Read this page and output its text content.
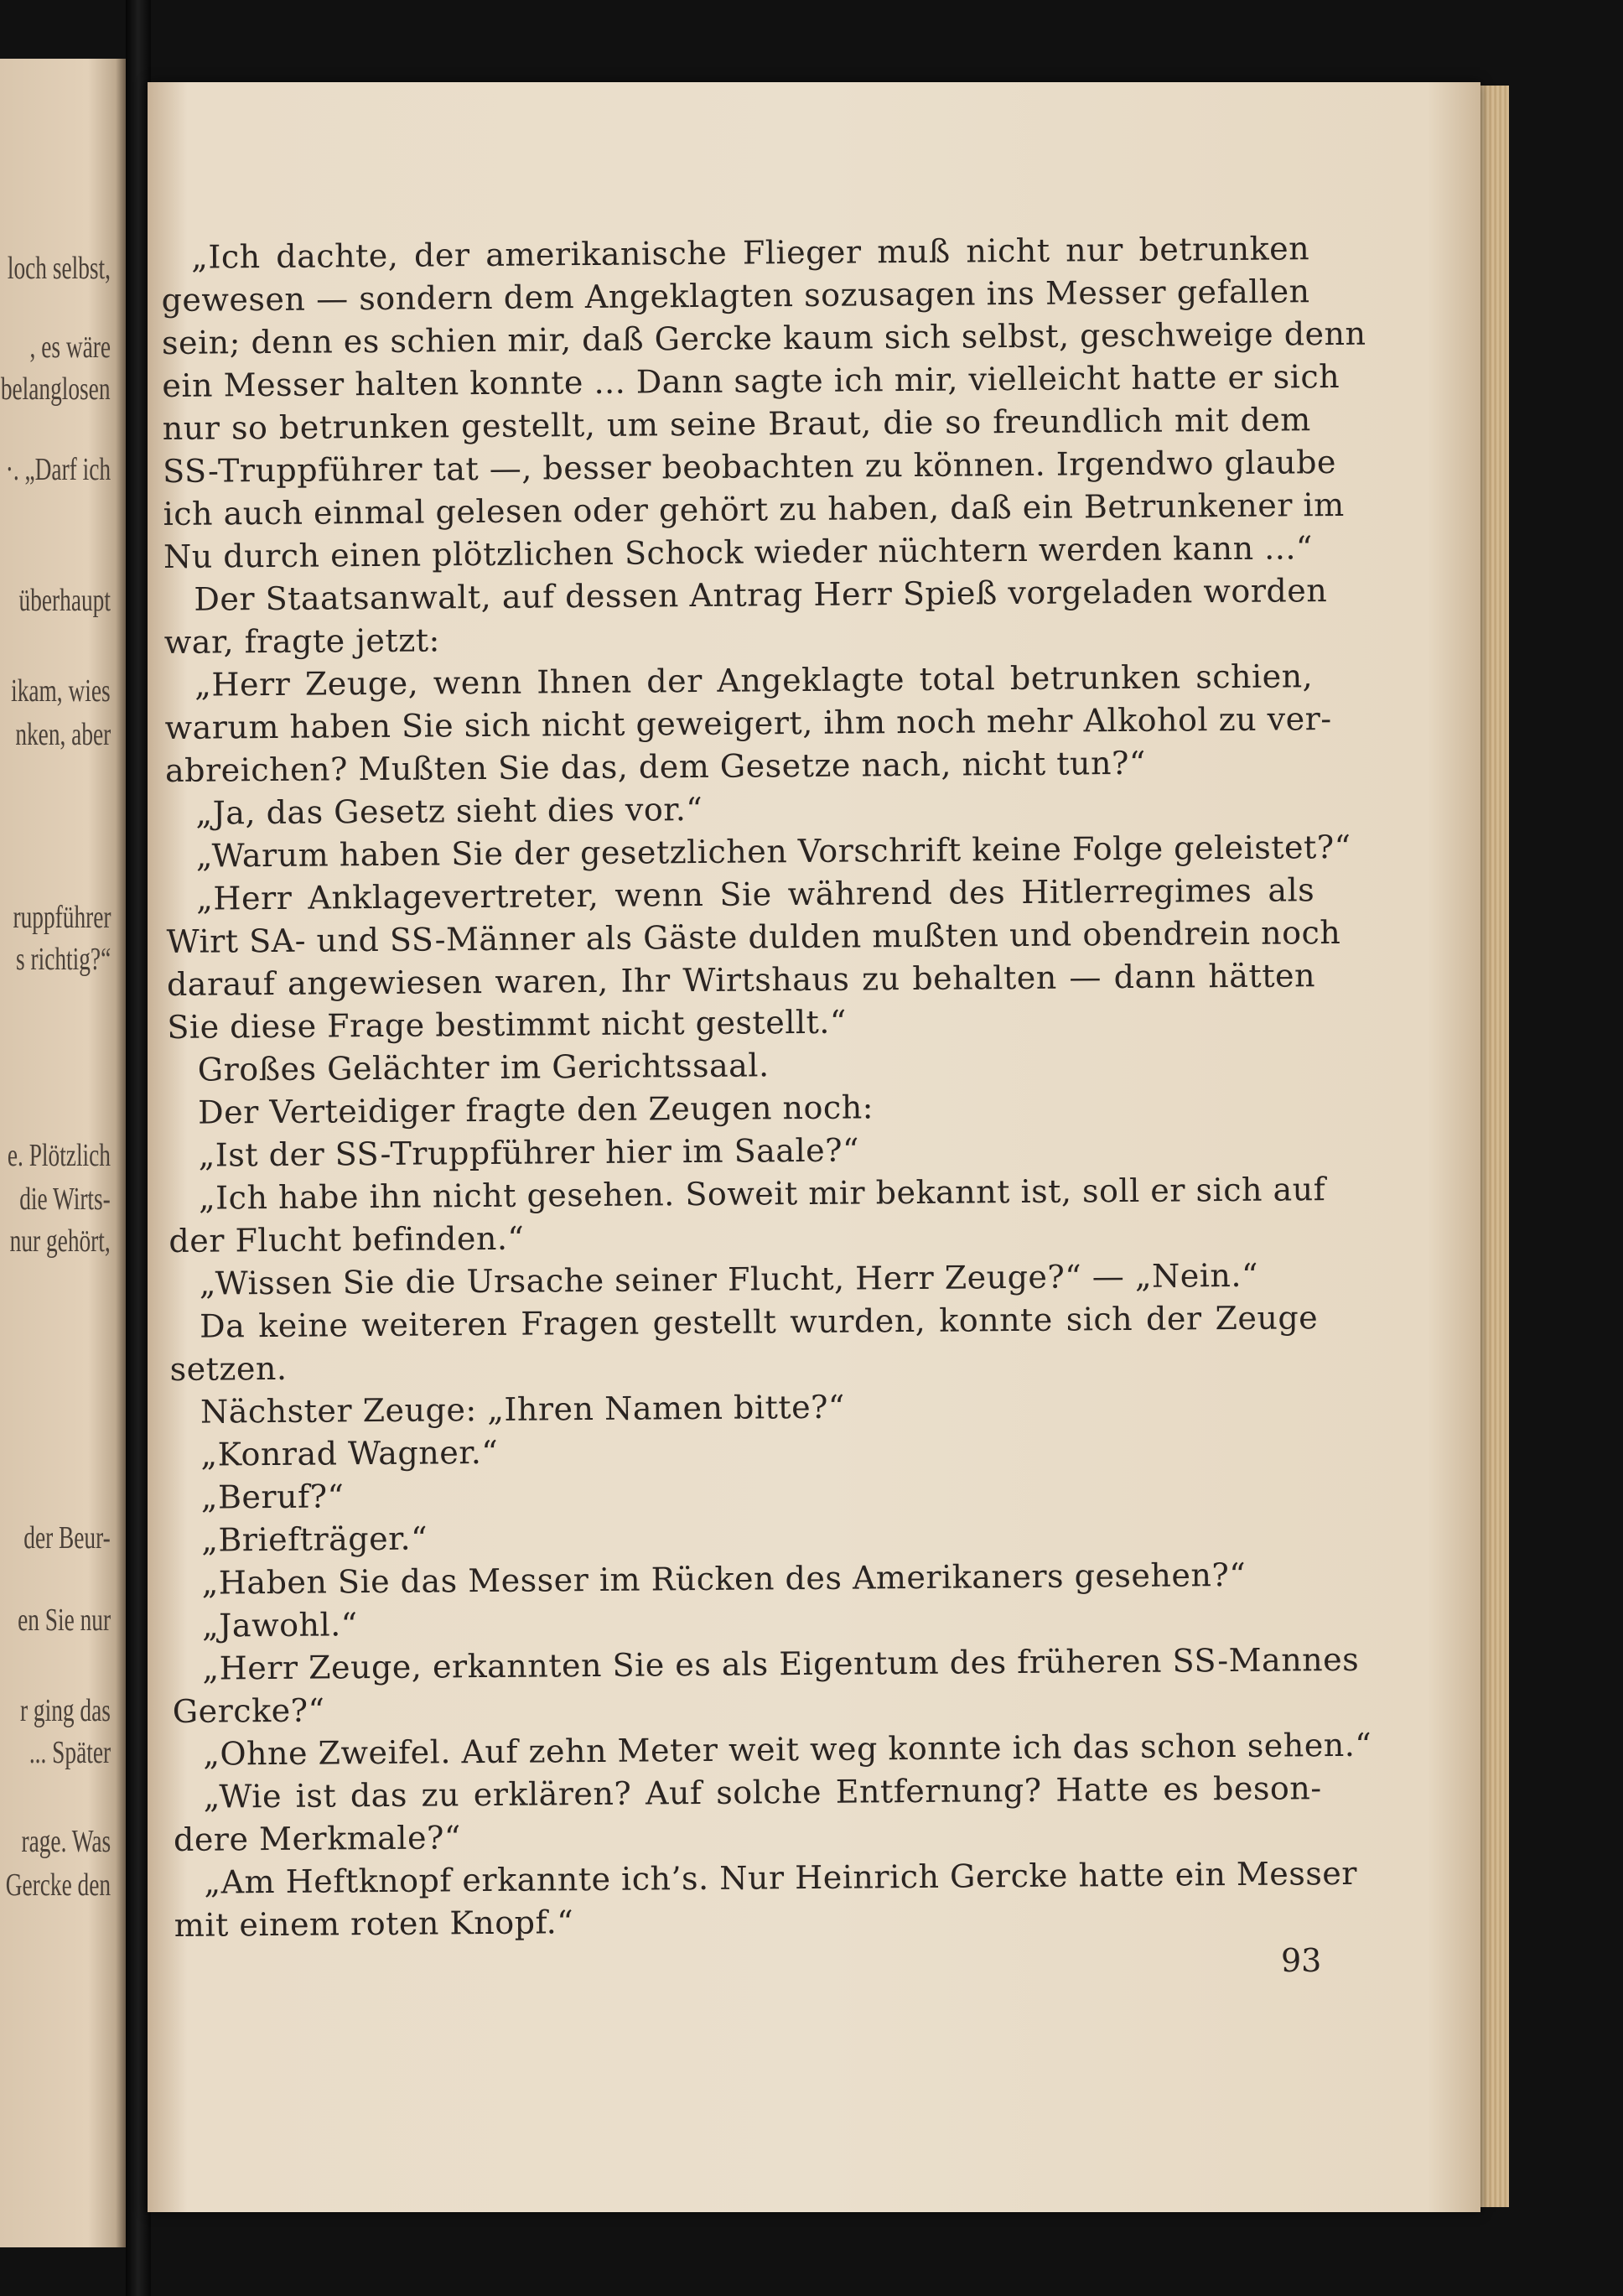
loch selbst,
, es wäre
belanglosen
·. „Darf ich
überhaupt
ikam, wies
nken, aber
ruppführer
s richtig?“
e. Plötzlich
die Wirts-
nur gehört,
der Beur-
en Sie nur
r ging das
... Später
rage. Was
Gercke den
„Ich dachte, der amerikanische Flieger muß nicht nur betrunken
gewesen — sondern dem Angeklagten sozusagen ins Messer gefallen
sein; denn es schien mir, daß Gercke kaum sich selbst, geschweige denn
ein Messer halten konnte ... Dann sagte ich mir, vielleicht hatte er sich
nur so betrunken gestellt, um seine Braut, die so freundlich mit dem
SS-Truppführer tat —, besser beobachten zu können. Irgendwo glaube
ich auch einmal gelesen oder gehört zu haben, daß ein Betrunkener im
Nu durch einen plötzlichen Schock wieder nüchtern werden kann ...“
Der Staatsanwalt, auf dessen Antrag Herr Spieß vorgeladen worden
war, fragte jetzt:
„Herr Zeuge, wenn Ihnen der Angeklagte total betrunken schien,
warum haben Sie sich nicht geweigert, ihm noch mehr Alkohol zu ver-
abreichen? Mußten Sie das, dem Gesetze nach, nicht tun?“
„Ja, das Gesetz sieht dies vor.“
„Warum haben Sie der gesetzlichen Vorschrift keine Folge geleistet?“
„Herr Anklagevertreter, wenn Sie während des Hitlerregimes als
Wirt SA- und SS-Männer als Gäste dulden mußten und obendrein noch
darauf angewiesen waren, Ihr Wirtshaus zu behalten — dann hätten
Sie diese Frage bestimmt nicht gestellt.“
Großes Gelächter im Gerichtssaal.
Der Verteidiger fragte den Zeugen noch:
„Ist der SS-Truppführer hier im Saale?“
„Ich habe ihn nicht gesehen. Soweit mir bekannt ist, soll er sich auf
der Flucht befinden.“
„Wissen Sie die Ursache seiner Flucht, Herr Zeuge?“ — „Nein.“
Da keine weiteren Fragen gestellt wurden, konnte sich der Zeuge
setzen.
Nächster Zeuge: „Ihren Namen bitte?“
„Konrad Wagner.“
„Beruf?“
„Briefträger.“
„Haben Sie das Messer im Rücken des Amerikaners gesehen?“
„Jawohl.“
„Herr Zeuge, erkannten Sie es als Eigentum des früheren SS-Mannes
Gercke?“
„Ohne Zweifel. Auf zehn Meter weit weg konnte ich das schon sehen.“
„Wie ist das zu erklären? Auf solche Entfernung? Hatte es beson-
dere Merkmale?“
„Am Heftknopf erkannte ich’s. Nur Heinrich Gercke hatte ein Messer
mit einem roten Knopf.“
93
